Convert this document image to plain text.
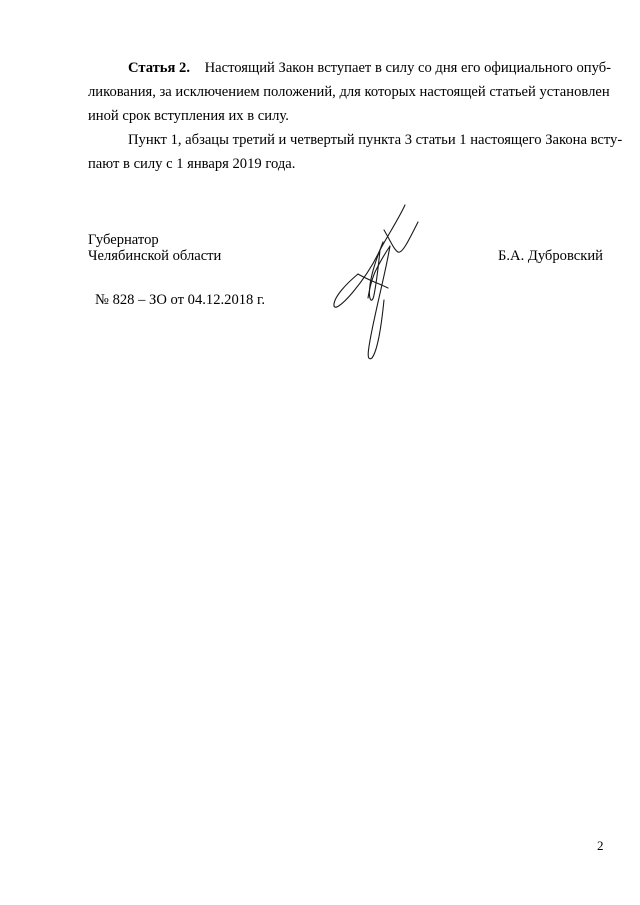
Статья 2. Настоящий Закон вступает в силу со дня его официального опуб-
ликования, за исключением положений, для которых настоящей статьей установлен
иной срок вступления их в силу.
Пункт 1, абзацы третий и четвертый пункта 3 статьи 1 настоящего Закона всту-
пают в силу с 1 января 2019 года.
Губернатор
Челябинской области	Б.А. Дубровский
№ 828 – ЗО от 04.12.2018 г.
2
